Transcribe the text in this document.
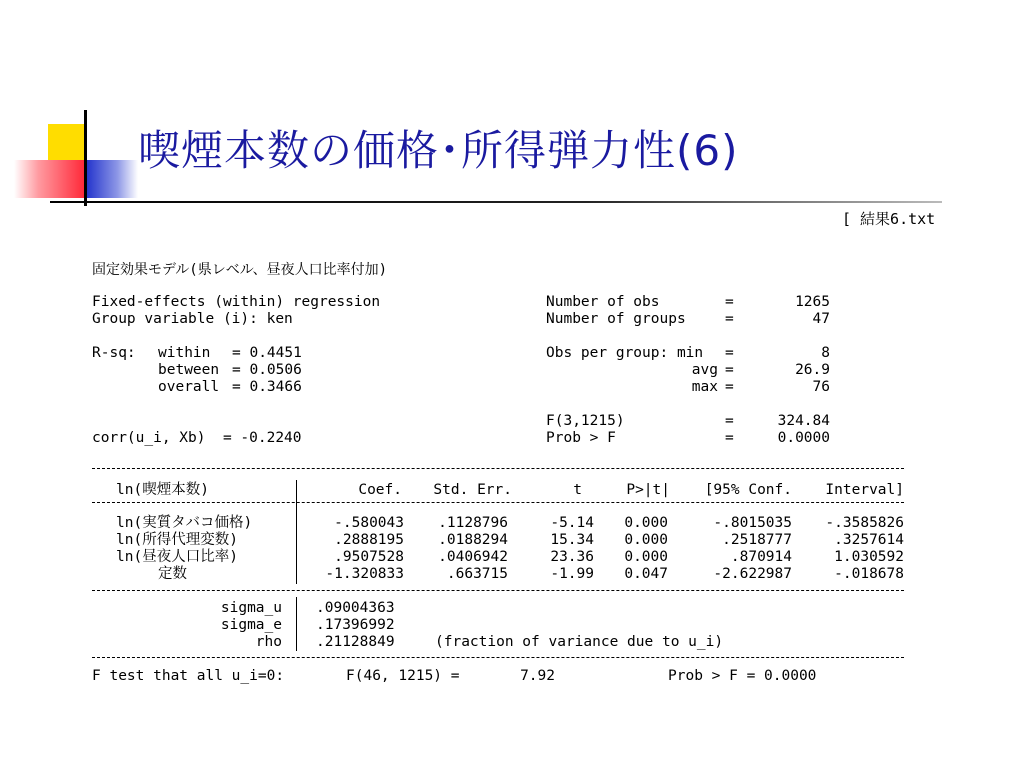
喫煙本数の価格･所得弾力性(6)
[ 結果6.txt
固定効果モデル(県レベル、昼夜人口比率付加)
Fixed-effects (within) regression
Group variable (i): ken
R-sq: within = 0.4451
between = 0.0506
overall = 0.3466
corr(u_i, Xb)  = -0.2240
Number of obs	=	1265
Number of groups	=	47
Obs per group: min =	8
avg =	26.9
max =	76
F(3,1215)	=	324.84
Prob > F	=	0.0000
ln(喫煙本数)	Coef.	Std. Err.	t	P>|t|	[95% Conf.	Interval]
ln(実質タバコ価格)	-.580043	.1128796	-5.14	0.000	-.8015035	-.3585826
ln(所得代理変数)	.2888195	.0188294	15.34	0.000	.2518777	.3257614
ln(昼夜人口比率)	.9507528	.0406942	23.36	0.000	.870914	1.030592
定数	-1.320833	.663715	-1.99	0.047	-2.622987	-.018678
sigma_u .09004363
sigma_e .17396992
rho .21128849	(fraction of variance due to u_i)
F test that all u_i=0:	F(46, 1215) =	7.92	Prob > F = 0.0000
